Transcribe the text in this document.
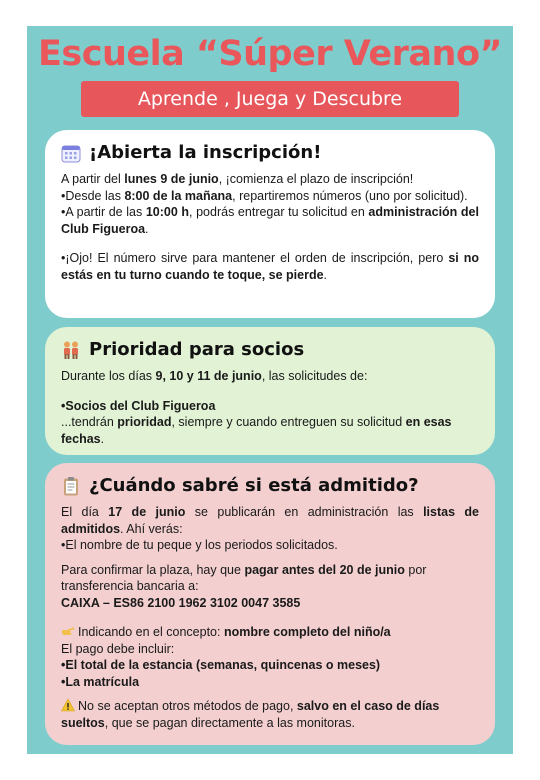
Escuela “Súper Verano”
Aprende , Juega y Descubre
¡Abierta la inscripción!

A partir del lunes 9 de junio, ¡comienza el plazo de inscripción!

•Desde las 8:00 de la mañana, repartiremos números (uno por solicitud).

•A partir de las 10:00 h, podrás entregar tu solicitud en administración del Club Figueroa.

•¡Ojo! El número sirve para mantener el orden de inscripción, pero si no estás en tu turno cuando te toque, se pierde.

Prioridad para socios

Durante los días 9, 10 y 11 de junio, las solicitudes de:

•Socios del Club Figueroa

...tendrán prioridad, siempre y cuando entreguen su solicitud en esas fechas.

¿Cuándo sabré si está admitido?

El día 17 de junio se publicarán en administración las listas de admitidos. Ahí verás:

•El nombre de tu peque y los periodos solicitados.

Para confirmar la plaza, hay que pagar antes del 20 de junio por transferencia bancaria a:

CAIXA – ES86 2100 1962 3102 0047 3585

Indicando en el concepto: nombre completo del niño/a

El pago debe incluir:

•El total de la estancia (semanas, quincenas o meses)

•La matrícula

No se aceptan otros métodos de pago, salvo en el caso de días sueltos, que se pagan directamente a las monitoras.
